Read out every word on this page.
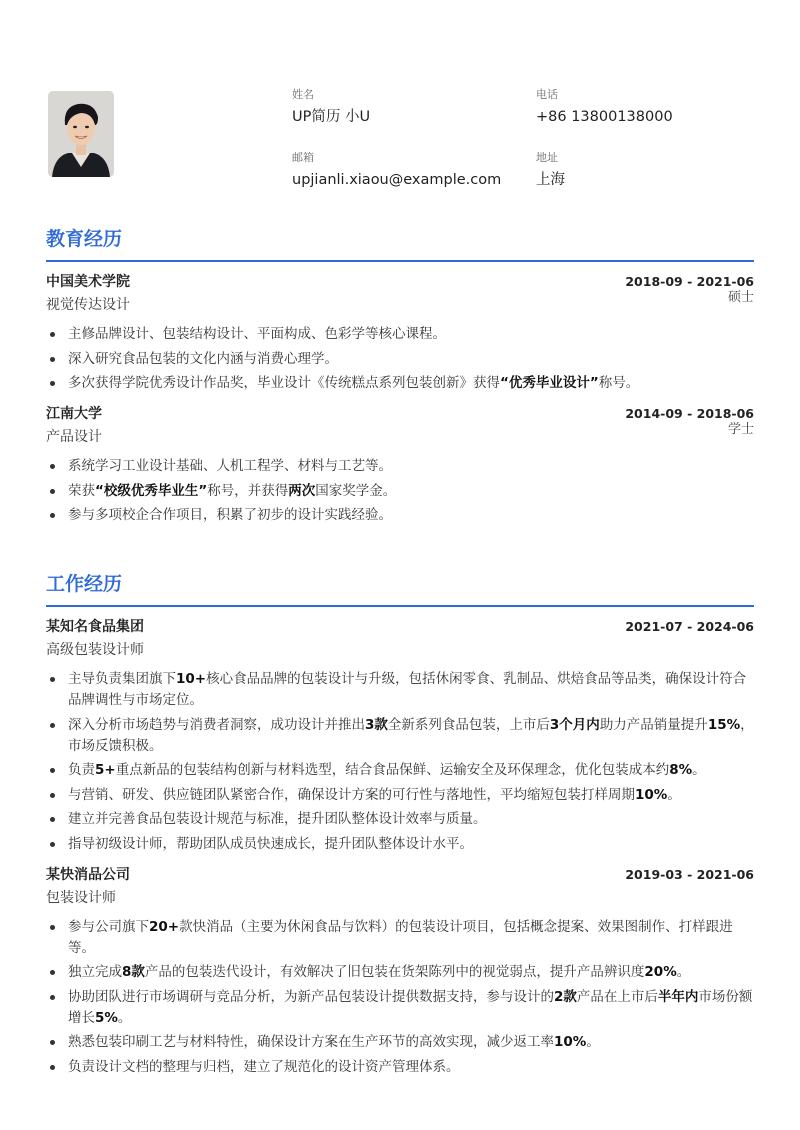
姓名
UP简历 小U
电话
+86 13800138000
邮箱
upjianli.xiaou@example.com
地址
上海
教育经历
中国美术学院	2018-09 - 2021-06
视觉传达设计	硕士
主修品牌设计、包装结构设计、平面构成、色彩学等核心课程。
深入研究食品包装的文化内涵与消费心理学。
多次获得学院优秀设计作品奖，毕业设计《传统糕点系列包装创新》获得“优秀毕业设计”称号。
江南大学	2014-09 - 2018-06
产品设计	学士
系统学习工业设计基础、人机工程学、材料与工艺等。
荣获“校级优秀毕业生”称号，并获得两次国家奖学金。
参与多项校企合作项目，积累了初步的设计实践经验。
工作经历
某知名食品集团	2021-07 - 2024-06
高级包装设计师
主导负责集团旗下10+核心食品品牌的包装设计与升级，包括休闲零食、乳制品、烘焙食品等品类，确保设计符合品牌调性与市场定位。
深入分析市场趋势与消费者洞察，成功设计并推出3款全新系列食品包装，上市后3个月内助力产品销量提升15%，市场反馈积极。
负责5+重点新品的包装结构创新与材料选型，结合食品保鲜、运输安全及环保理念，优化包装成本约8%。
与营销、研发、供应链团队紧密合作，确保设计方案的可行性与落地性，平均缩短包装打样周期10%。
建立并完善食品包装设计规范与标准，提升团队整体设计效率与质量。
指导初级设计师，帮助团队成员快速成长，提升团队整体设计水平。
某快消品公司	2019-03 - 2021-06
包装设计师
参与公司旗下20+款快消品（主要为休闲食品与饮料）的包装设计项目，包括概念提案、效果图制作、打样跟进等。
独立完成8款产品的包装迭代设计，有效解决了旧包装在货架陈列中的视觉弱点，提升产品辨识度20%。
协助团队进行市场调研与竞品分析，为新产品包装设计提供数据支持，参与设计的2款产品在上市后半年内市场份额增长5%。
熟悉包装印刷工艺与材料特性，确保设计方案在生产环节的高效实现，减少返工率10%。
负责设计文档的整理与归档，建立了规范化的设计资产管理体系。
